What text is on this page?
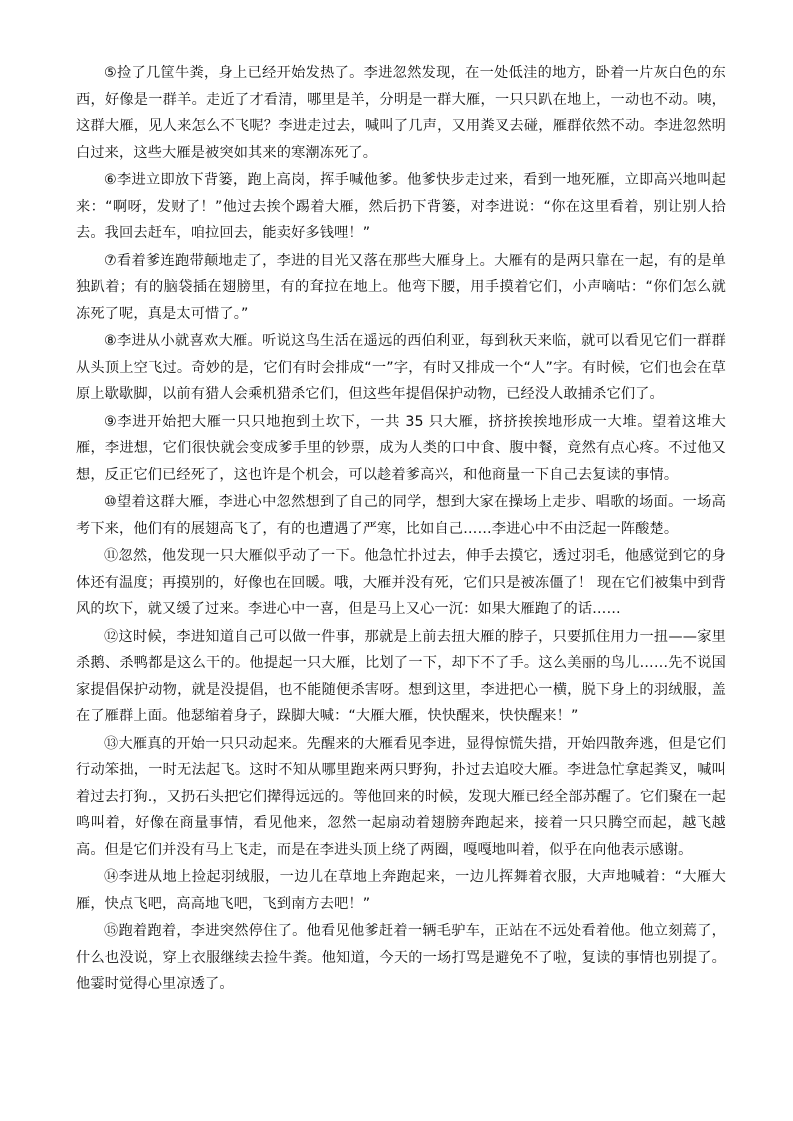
⑤捡了几筐牛粪，身上已经开始发热了。李进忽然发现，在一处低洼的地方，卧着一片灰白色的东西，好像是一群羊。走近了才看清，哪里是羊，分明是一群大雁，一只只趴在地上，一动也不动。咦，这群大雁，见人来怎么不飞呢？李进走过去，喊叫了几声，又用粪叉去碰，雁群依然不动。李进忽然明白过来，这些大雁是被突如其来的寒潮冻死了。

⑥李进立即放下背篓，跑上高岗，挥手喊他爹。他爹快步走过来，看到一地死雁，立即高兴地叫起来：“啊呀，发财了！”他过去挨个踢着大雁，然后扔下背篓，对李进说：“你在这里看着，别让别人拾去。我回去赶车，咱拉回去，能卖好多钱哩！”

⑦看着爹连跑带颠地走了，李进的目光又落在那些大雁身上。大雁有的是两只靠在一起，有的是单独趴着；有的脑袋插在翅膀里，有的耷拉在地上。他弯下腰，用手摸着它们，小声嘀咕：“你们怎么就冻死了呢，真是太可惜了。”

⑧李进从小就喜欢大雁。听说这鸟生活在遥远的西伯利亚，每到秋天来临，就可以看见它们一群群从头顶上空飞过。奇妙的是，它们有时会排成“一”字，有时又排成一个“人”字。有时候，它们也会在草原上歇歇脚，以前有猎人会乘机猎杀它们，但这些年提倡保护动物，已经没人敢捕杀它们了。

⑨李进开始把大雁一只只地抱到土坎下，一共 35 只大雁，挤挤挨挨地形成一大堆。望着这堆大雁，李进想，它们很快就会变成爹手里的钞票，成为人类的口中食、腹中餐，竟然有点心疼。不过他又想，反正它们已经死了，这也许是个机会，可以趁着爹高兴，和他商量一下自己去复读的事情。

⑩望着这群大雁，李进心中忽然想到了自己的同学，想到大家在操场上走步、唱歌的场面。一场高考下来，他们有的展翅高飞了，有的也遭遇了严寒，比如自己……李进心中不由泛起一阵酸楚。

⑪忽然，他发现一只大雁似乎动了一下。他急忙扑过去，伸手去摸它，透过羽毛，他感觉到它的身体还有温度；再摸别的，好像也在回暖。哦，大雁并没有死，它们只是被冻僵了！ 现在它们被集中到背风的坎下，就又缓了过来。李进心中一喜，但是马上又心一沉：如果大雁跑了的话……

⑫这时候，李进知道自己可以做一件事，那就是上前去扭大雁的脖子，只要抓住用力一扭——家里杀鹅、杀鸭都是这么干的。他提起一只大雁，比划了一下，却下不了手。这么美丽的鸟儿……先不说国家提倡保护动物，就是没提倡，也不能随便杀害呀。想到这里，李进把心一横，脱下身上的羽绒服，盖在了雁群上面。他瑟缩着身子，跺脚大喊：“大雁大雁，快快醒来，快快醒来！”

⑬大雁真的开始一只只动起来。先醒来的大雁看见李进，显得惊慌失措，开始四散奔逃，但是它们行动笨拙，一时无法起飞。这时不知从哪里跑来两只野狗，扑过去追咬大雁。李进急忙拿起粪叉，喊叫着过去打狗.，又扔石头把它们撵得远远的。等他回来的时候，发现大雁已经全部苏醒了。它们聚在一起鸣叫着，好像在商量事情，看见他来，忽然一起扇动着翅膀奔跑起来，接着一只只腾空而起，越飞越高。但是它们并没有马上飞走，而是在李进头顶上绕了两圈，嘎嘎地叫着，似乎在向他表示感谢。

⑭李进从地上捡起羽绒服，一边儿在草地上奔跑起来，一边儿挥舞着衣服，大声地喊着：“大雁大雁，快点飞吧，高高地飞吧，飞到南方去吧！”

⑮跑着跑着，李进突然停住了。他看见他爹赶着一辆毛驴车，正站在不远处看着他。他立刻蔫了，什么也没说，穿上衣服继续去捡牛粪。他知道，今天的一场打骂是避免不了啦，复读的事情也别提了。他霎时觉得心里凉透了。
